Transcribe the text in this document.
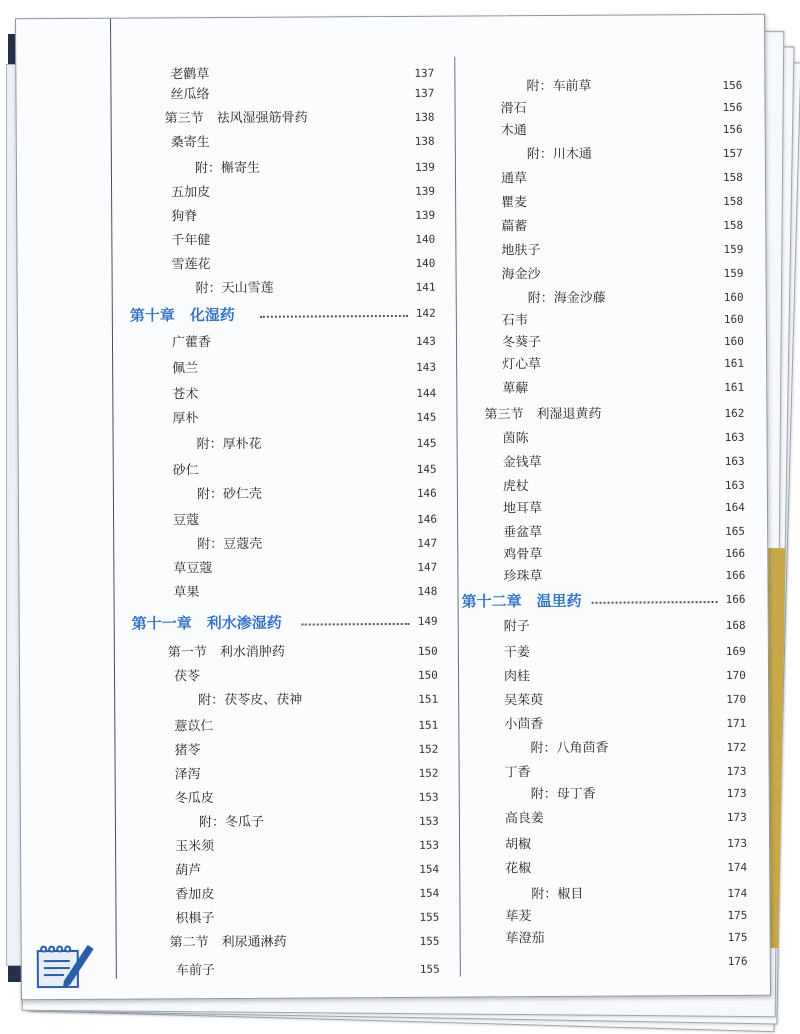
老鹳草	137
丝瓜络	137
第三节　祛风湿强筋骨药	138
桑寄生	138
附：槲寄生	139
五加皮	139
狗脊	139
千年健	140
雪莲花	140
附：天山雪莲	141
第十章　化湿药	142
广藿香	143
佩兰	143
苍术	144
厚朴	145
附：厚朴花	145
砂仁	145
附：砂仁壳	146
豆蔻	146
附：豆蔻壳	147
草豆蔻	147
草果	148
第十一章　利水渗湿药	149
第一节　利水消肿药	150
茯苓	150
附：茯苓皮、茯神	151
薏苡仁	151
猪苓	152
泽泻	152
冬瓜皮	153
附：冬瓜子	153
玉米须	153
葫芦	154
香加皮	154
枳椇子	155
第二节　利尿通淋药	155
车前子	155
附：车前草	156
滑石	156
木通	156
附：川木通	157
通草	158
瞿麦	158
萹蓄	158
地肤子	159
海金沙	159
附：海金沙藤	160
石韦	160
冬葵子	160
灯心草	161
萆薢	161
第三节　利湿退黄药	162
茵陈	163
金钱草	163
虎杖	163
地耳草	164
垂盆草	165
鸡骨草	166
珍珠草	166
第十二章　温里药	166
附子	168
干姜	169
肉桂	170
吴茱萸	170
小茴香	171
附：八角茴香	172
丁香	173
附：母丁香	173
高良姜	173
胡椒	173
花椒	174
附：椒目	174
荜茇	175
荜澄茄	175
176
